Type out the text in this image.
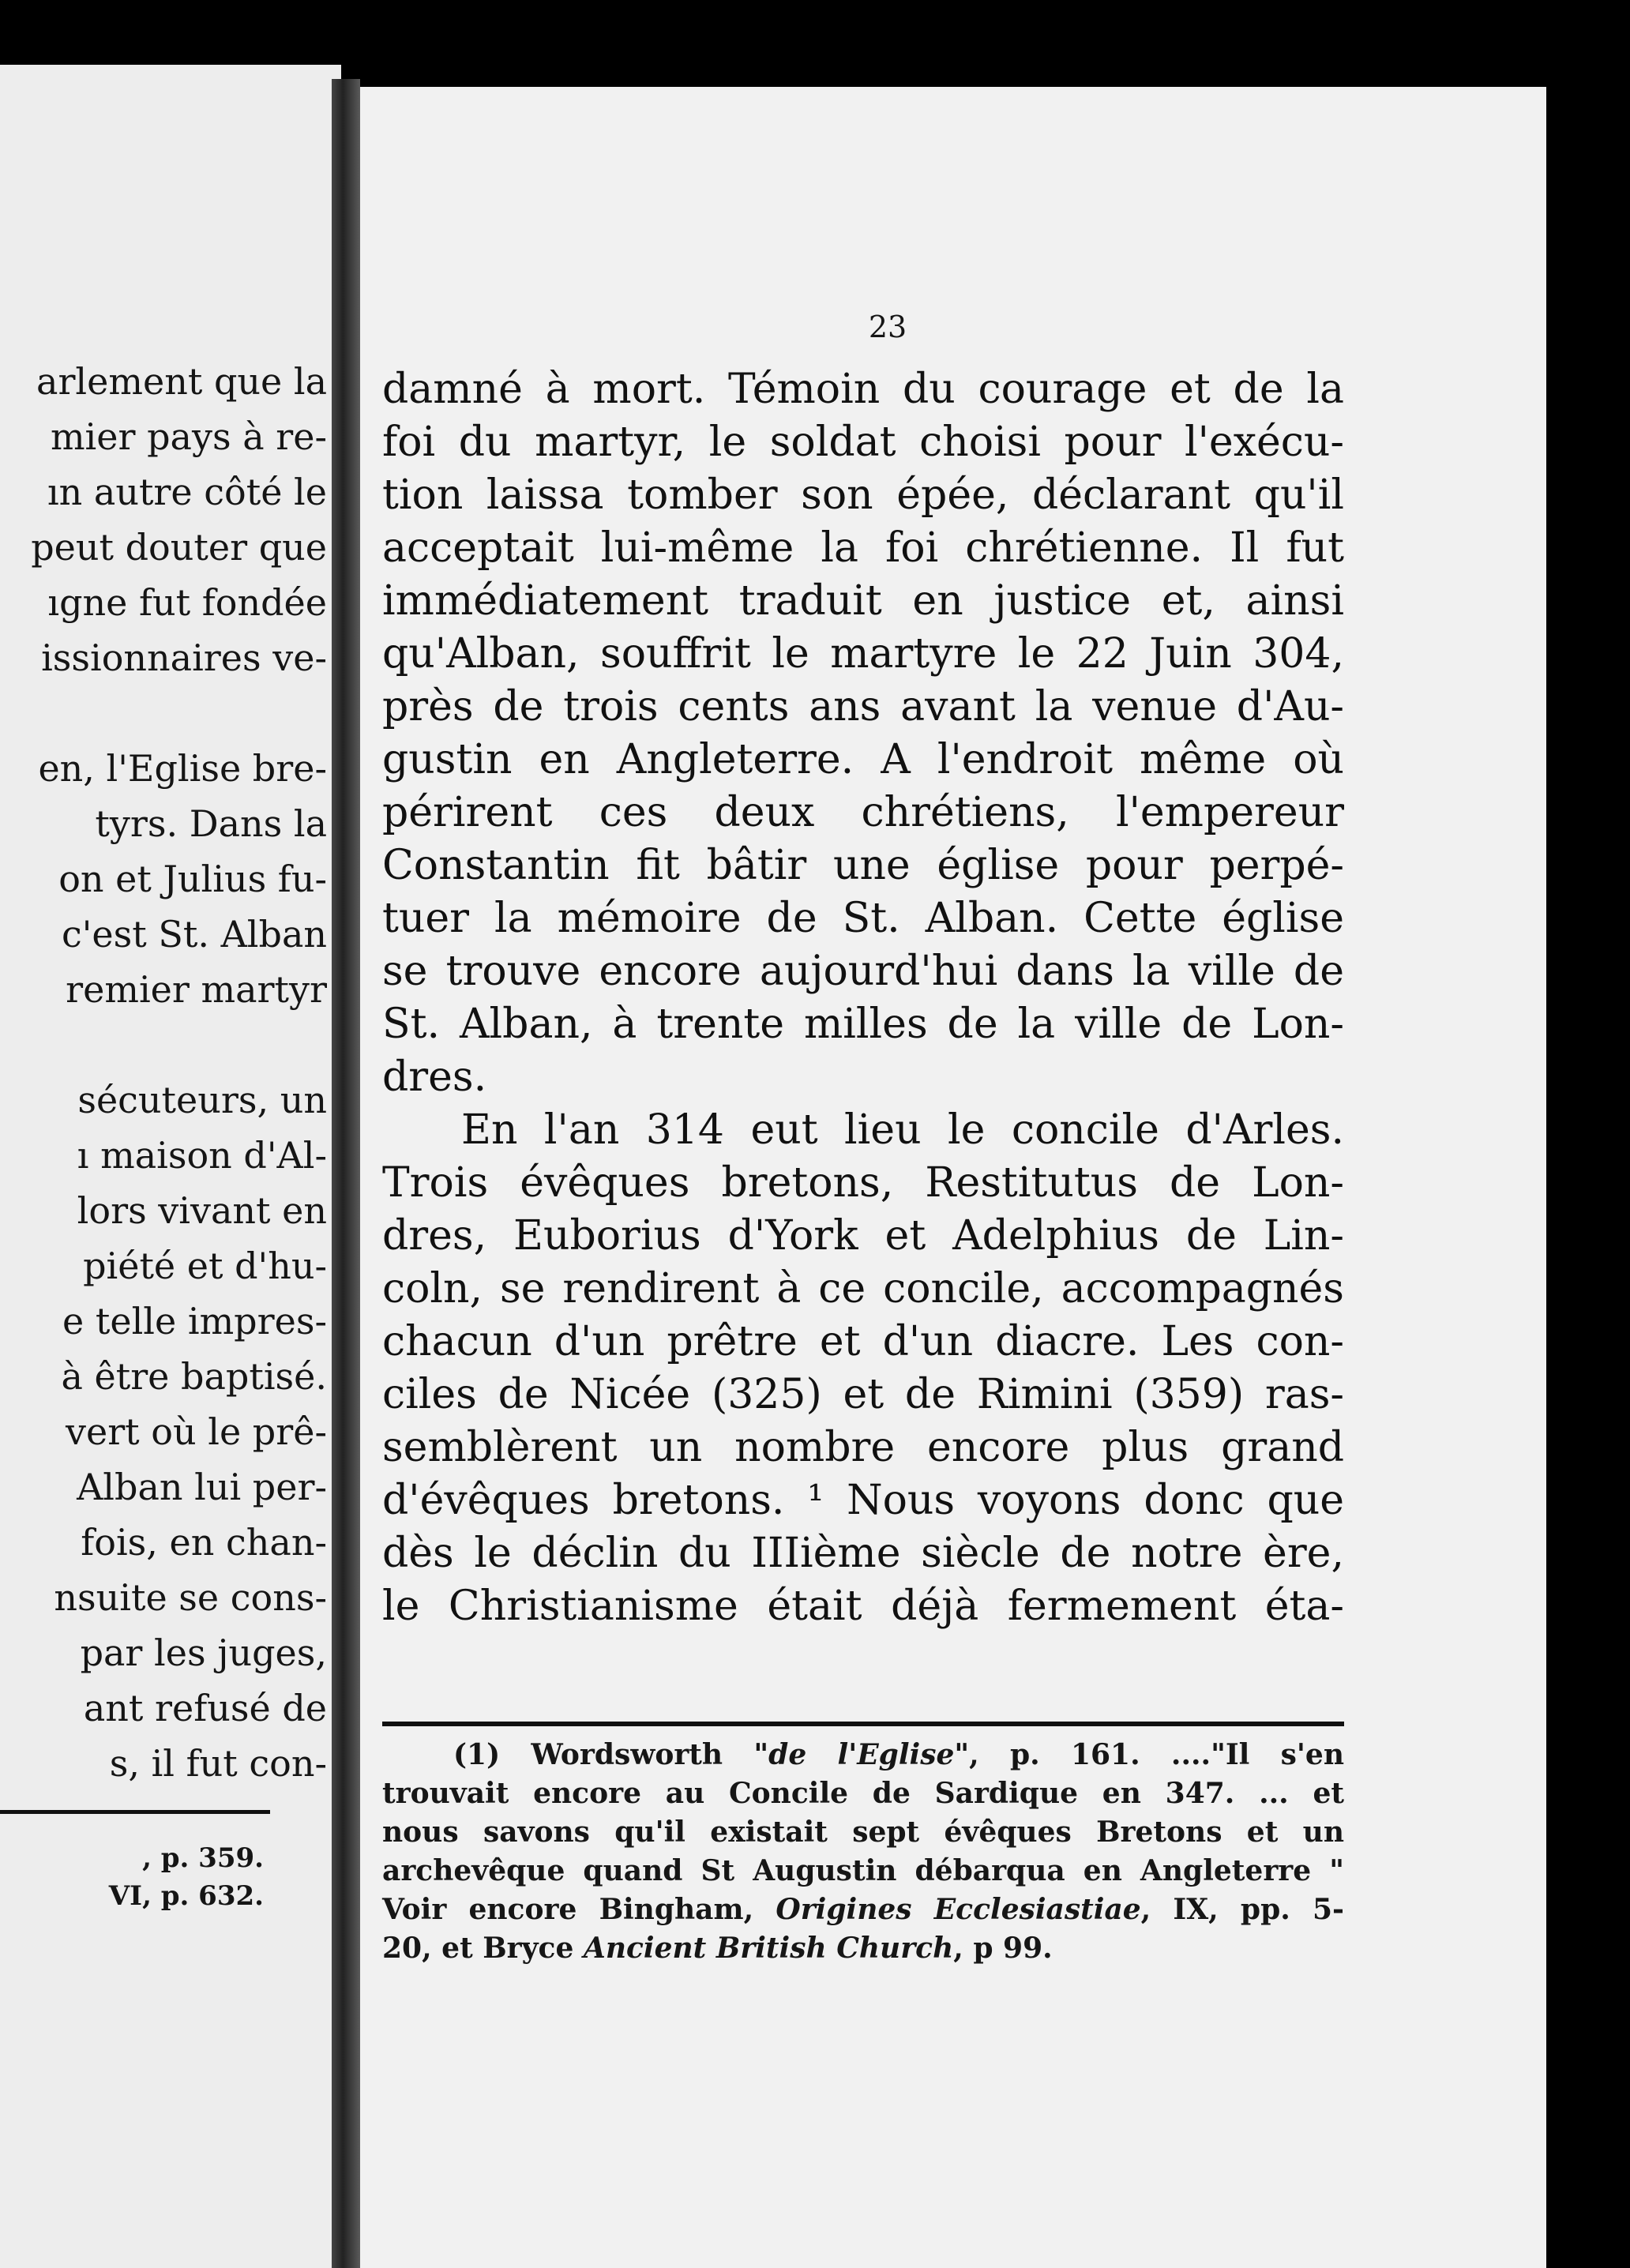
arlement que la
mier pays à re-
ın autre côté le
peut douter que
ıgne fut fondée
issionnaires ve-
en, l'Eglise bre-
tyrs. Dans la
on et Julius fu-
c'est St. Alban
remier martyr
sécuteurs, un
ı maison d'Al-
lors vivant en
piété et d'hu-
e telle impres-
à être baptisé.
vert où le prê-
Alban lui per-
fois, en chan-
nsuite se cons-
par les juges,
ant refusé de
s, il fut con-
, p. 359.
VI, p. 632.
23
damné à mort. Témoin du courage et de la
foi du martyr, le soldat choisi pour l'exécu-
tion laissa tomber son épée, déclarant qu'il
acceptait lui-même la foi chrétienne. Il fut
immédiatement traduit en justice et, ainsi
qu'Alban, souffrit le martyre le 22 Juin 304,
près de trois cents ans avant la venue d'Au-
gustin en Angleterre. A l'endroit même où
périrent ces deux chrétiens, l'empereur
Constantin fit bâtir une église pour perpé-
tuer la mémoire de St. Alban. Cette église
se trouve encore aujourd'hui dans la ville de
St. Alban, à trente milles de la ville de Lon-
dres.
En l'an 314 eut lieu le concile d'Arles.
Trois évêques bretons, Restitutus de Lon-
dres, Euborius d'York et Adelphius de Lin-
coln, se rendirent à ce concile, accompagnés
chacun d'un prêtre et d'un diacre. Les con-
ciles de Nicée (325) et de Rimini (359) ras-
semblèrent un nombre encore plus grand
d'évêques bretons. ¹ Nous voyons donc que
dès le déclin du IIIième siècle de notre ère,
le Christianisme était déjà fermement éta-
(1) Wordsworth "de l'Eglise", p. 161. ...."Il s'en
trouvait encore au Concile de Sardique en 347. ... et
nous savons qu'il existait sept évêques Bretons et un
archevêque quand St Augustin débarqua en Angleterre "
Voir encore Bingham, Origines Ecclesiastiae, IX, pp. 5-
20, et Bryce Ancient British Church, p 99.
